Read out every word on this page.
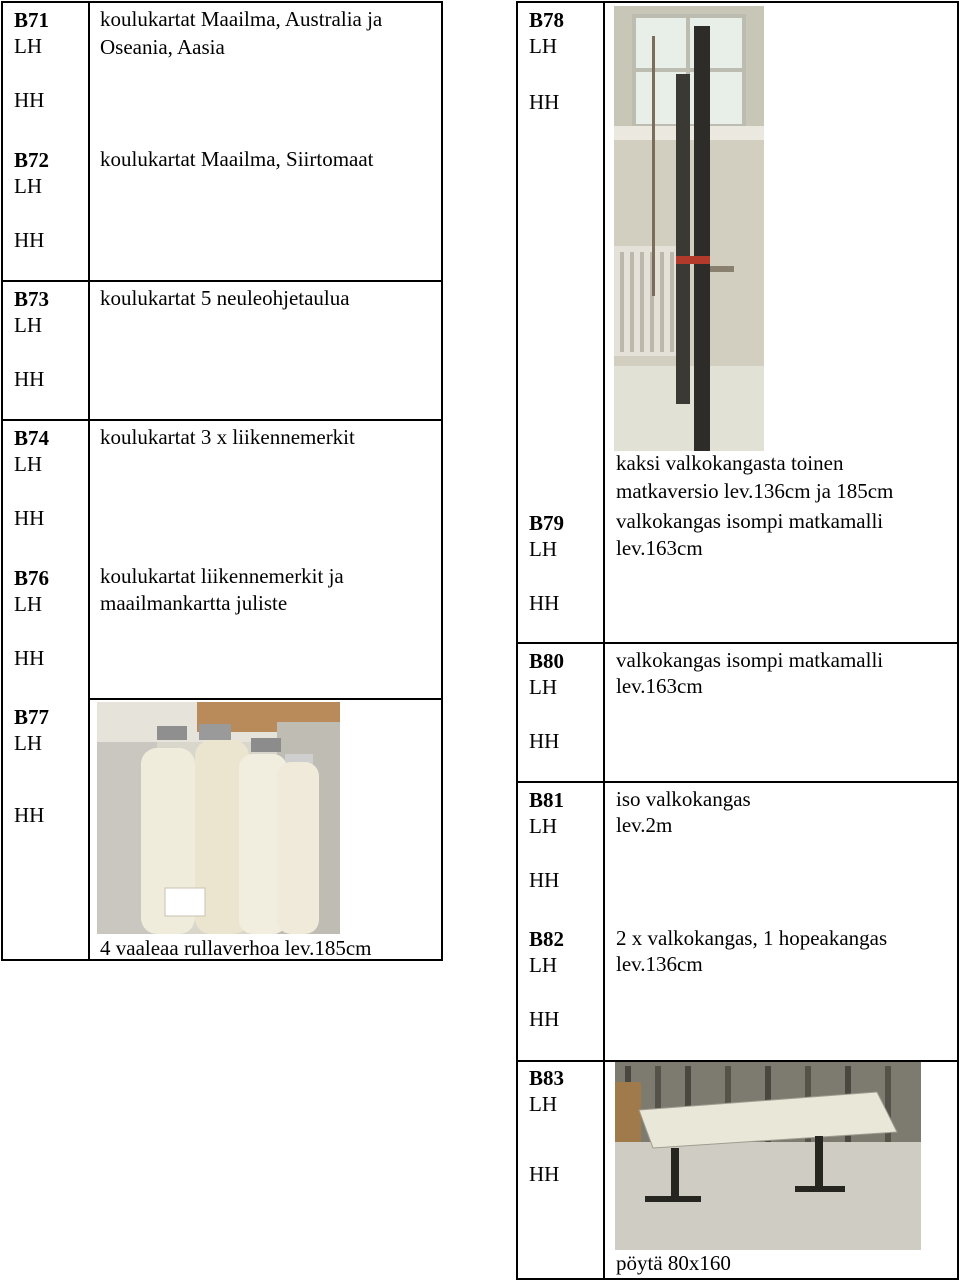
B71
LH
HH
B72
LH
HH
B73
LH
HH
B74
LH
HH
B76
LH
HH
B77
LH
HH
koulukartat Maailma, Australia ja
Oseania, Aasia
koulukartat Maailma, Siirtomaat
koulukartat 5 neuleohjetaulua
koulukartat 3 x liikennemerkit
koulukartat liikennemerkit ja
maailmankartta juliste
4 vaaleaa rullaverhoa lev.185cm
B78
LH
HH
B79
LH
HH
B80
LH
HH
B81
LH
HH
B82
LH
HH
B83
LH
HH
kaksi valkokangasta toinen
matkaversio lev.136cm ja 185cm
valkokangas isompi matkamalli
lev.163cm
valkokangas isompi matkamalli
lev.163cm
iso valkokangas
lev.2m
2 x valkokangas, 1 hopeakangas
lev.136cm
pöytä 80x160
